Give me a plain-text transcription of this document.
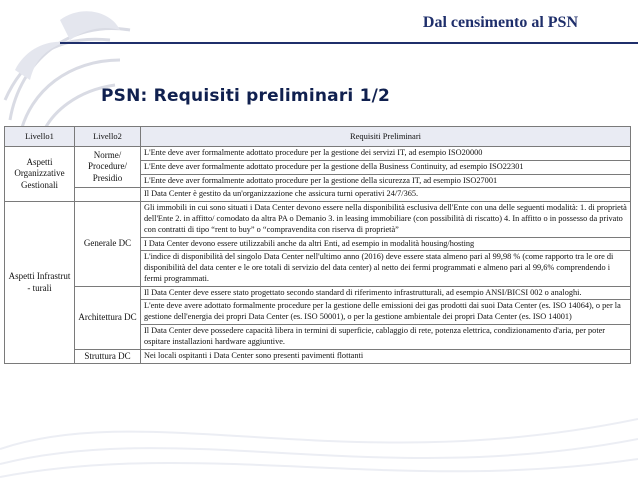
Dal censimento al PSN
PSN: Requisiti preliminari 1/2
Livello1	Livello2	Requisiti Preliminari
Aspetti Organizzative Gestionali	Norme/ Procedure/ Presidio	L'Ente deve aver formalmente adottato procedure per la gestione dei servizi IT, ad esempio ISO20000
		L'Ente deve aver formalmente adottato procedure per la gestione della Business Continuity, ad esempio ISO22301
		L'Ente deve aver formalmente adottato procedure per la gestione della sicurezza IT, ad esempio ISO27001
		Il Data Center è gestito da un'organizzazione che assicura turni operativi 24/7/365.
Aspetti Infrastrut - turali	Generale DC	Gli immobili in cui sono situati i Data Center devono essere nella disponibilità esclusiva dell'Ente con una delle seguenti modalità: 1. di proprietà dell'Ente 2. in affitto/ comodato da altra PA o Demanio 3. in leasing immobiliare (con possibilità di riscatto) 4. In affitto o in possesso da privato con contratti di tipo “rent to buy” o “compravendita con riserva di proprietà”
		I Data Center devono essere utilizzabili anche da altri Enti, ad esempio in modalità housing/hosting
		L'indice di disponibilità del singolo Data Center nell'ultimo anno (2016) deve essere stata almeno pari al 99,98 % (come rapporto tra le ore di disponibilità del data center e le ore totali di servizio del data center) al netto dei fermi programmati e almeno pari al 99,6% comprendendo i fermi programmati.
	Architettura DC	Il Data Center deve essere stato progettato secondo standard di riferimento infrastrutturali, ad esempio ANSI/BICSI 002 o analoghi.
		L'ente deve avere adottato formalmente procedure per la gestione delle emissioni dei gas prodotti dai suoi Data Center (es. ISO 14064), o per la gestione dell'energia dei propri Data Center (es. ISO 50001), o per la gestione ambientale dei propri Data Center (es. ISO 14001)
		Il Data Center deve possedere capacità libera in termini di superficie, cablaggio di rete, potenza elettrica, condizionamento d'aria, per poter ospitare installazioni hardware aggiuntive.
	Struttura DC	Nei locali ospitanti i Data Center sono presenti pavimenti flottanti
